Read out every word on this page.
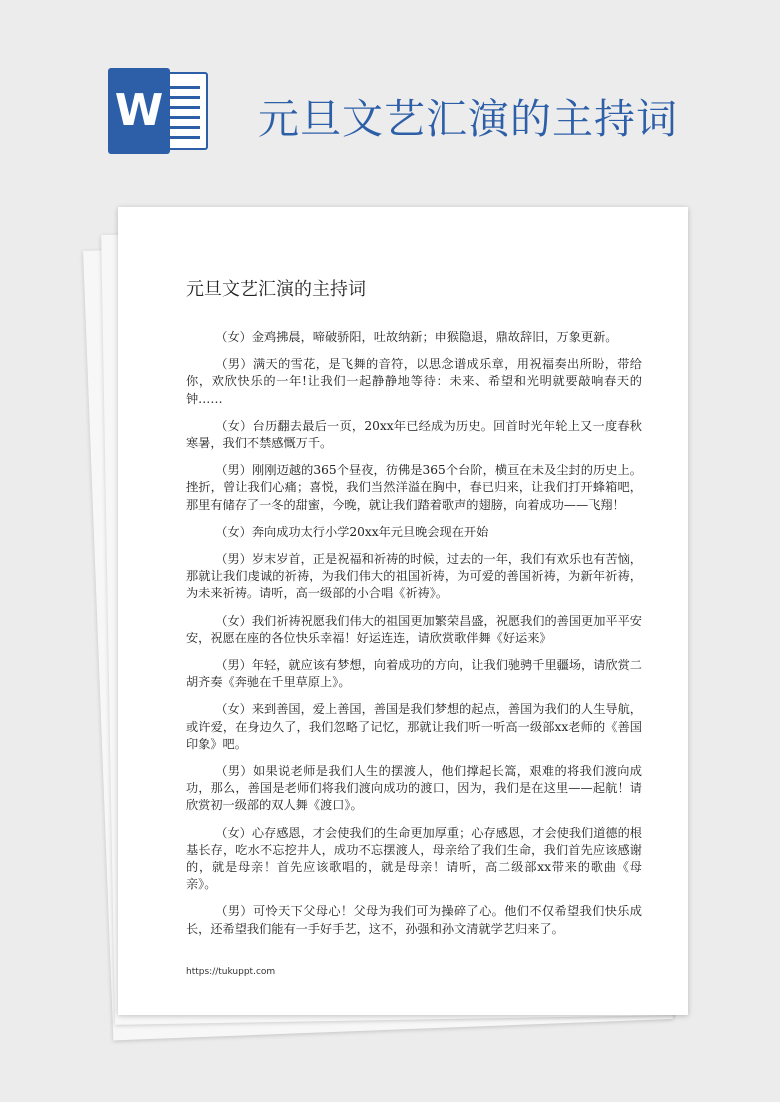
W 元旦文艺汇演的主持词
元旦文艺汇演的主持词

（女）金鸡拂晨，啼破骄阳，吐故纳新；申猴隐退，鼎故辞旧，万象更新。

（男）满天的雪花，是飞舞的音符，以思念谱成乐章，用祝福奏出所盼，带给你，欢欣快乐的一年!让我们一起静静地等待：未来、希望和光明就要敲响春天的钟……

（女）台历翻去最后一页，20xx年已经成为历史。回首时光年轮上又一度春秋寒暑，我们不禁感慨万千。

（男）刚刚迈越的365个昼夜，彷佛是365个台阶，横亘在未及尘封的历史上。挫折，曾让我们心痛；喜悦，我们当然洋溢在胸中，春已归来，让我们打开蜂箱吧，那里有储存了一冬的甜蜜，今晚，就让我们踏着歌声的翅膀，向着成功——飞翔！

（女）奔向成功太行小学20xx年元旦晚会现在开始

（男）岁末岁首，正是祝福和祈祷的时候，过去的一年，我们有欢乐也有苦恼，那就让我们虔诚的祈祷，为我们伟大的祖国祈祷，为可爱的善国祈祷，为新年祈祷，为未来祈祷。请听，高一级部的小合唱《祈祷》。

（女）我们祈祷祝愿我们伟大的祖国更加繁荣昌盛，祝愿我们的善国更加平平安安，祝愿在座的各位快乐幸福！好运连连，请欣赏歌伴舞《好运来》

（男）年轻，就应该有梦想，向着成功的方向，让我们驰骋千里疆场，请欣赏二胡齐奏《奔驰在千里草原上》。

（女）来到善国，爱上善国，善国是我们梦想的起点，善国为我们的人生导航，或许爱，在身边久了，我们忽略了记忆，那就让我们听一听高一级部xx老师的《善国印象》吧。

（男）如果说老师是我们人生的摆渡人，他们撑起长篙，艰难的将我们渡向成功，那么，善国是老师们将我们渡向成功的渡口，因为，我们是在这里——起航！请欣赏初一级部的双人舞《渡口》。

（女）心存感恩，才会使我们的生命更加厚重；心存感恩，才会使我们道德的根基长存，吃水不忘挖井人，成功不忘摆渡人，母亲给了我们生命，我们首先应该感谢的，就是母亲！首先应该歌唱的，就是母亲！请听，高二级部xx带来的歌曲《母亲》。

（男）可怜天下父母心！父母为我们可为操碎了心。他们不仅希望我们快乐成长，还希望我们能有一手好手艺，这不，孙强和孙文清就学艺归来了。

https://tukuppt.com
